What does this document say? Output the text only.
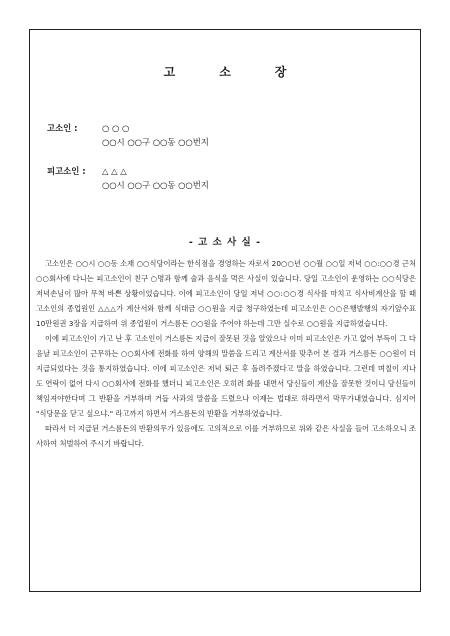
고	소	장
고소인 :	○ ○ ○
○○시 ○○구 ○○동 ○○번지
피고소인 :	△ △ △
○○시 ○○구 ○○동 ○○번지
- 고 소 사 실 -

고소인은 ○○시 ○○동 소재 ○○식당이라는 한식점을 경영하는 자로서 20○○년 ○○월 ○○일 저녁 ○○:○○경 근처 ○○회사에 다니는 피고소인이 친구 ○명과 함께 술과 음식을 먹은 사실이 있습니다. 당일 고소인이 운영하는 ○○식당은 저녁손님이 많아 무척 바쁜 상황이었습니다. 이에 피고소인이 당일 저녁 ○○:○○경 식사를 마치고 식사비계산을 할 때 고소인의 종업원인 △△△가 계산서와 함께 식대금 ○○원을 지급 청구하였는데 피고소인은 ○○은행발행의 자기앞수표 10만원권 3장을 지급하여 위 종업원이 거스름돈 ○○원을 주어야 하는데 그만 실수로 ○○원을 지급하였습니다.

이에 피고소인이 가고 난 후 고소인이 거스름돈 지급이 잘못된 것을 알았으나 이미 피고소인은 가고 없어 부득이 그 다음날 피고소인이 근무하는 ○○회사에 전화를 하여 양해의 말씀을 드리고 계산서를 맞추어 본 결과 거스름돈 ○○원이 더 지급되었다는 것을 통지하였습니다. 이에 피고소인은 저녁 퇴근 후 돌려주겠다고 말을 하였습니다. 그런데 며칠이 지나도 연락이 없어 다시 ○○회사에 전화를 했더니 피고소인은 오히려 화를 내면서 당신들이 계산을 잘못한 것이니 당신들이 책임져야한다며 그 반환을 거부하며 거듭 사과의 말씀을 드렸으나 이제는 법대로 하라면서 막무가내였습니다. 심지어 "식당문을 닫고 싶으냐." 라고까지 하면서 거스름돈의 반환을 거부하였습니다.

따라서 더 지급된 거스름돈의 반환의무가 있음에도 고의적으로 이를 거부하므로 위와 같은 사실을 들어 고소하오니 조사하여 처벌하여 주시기 바랍니다.
